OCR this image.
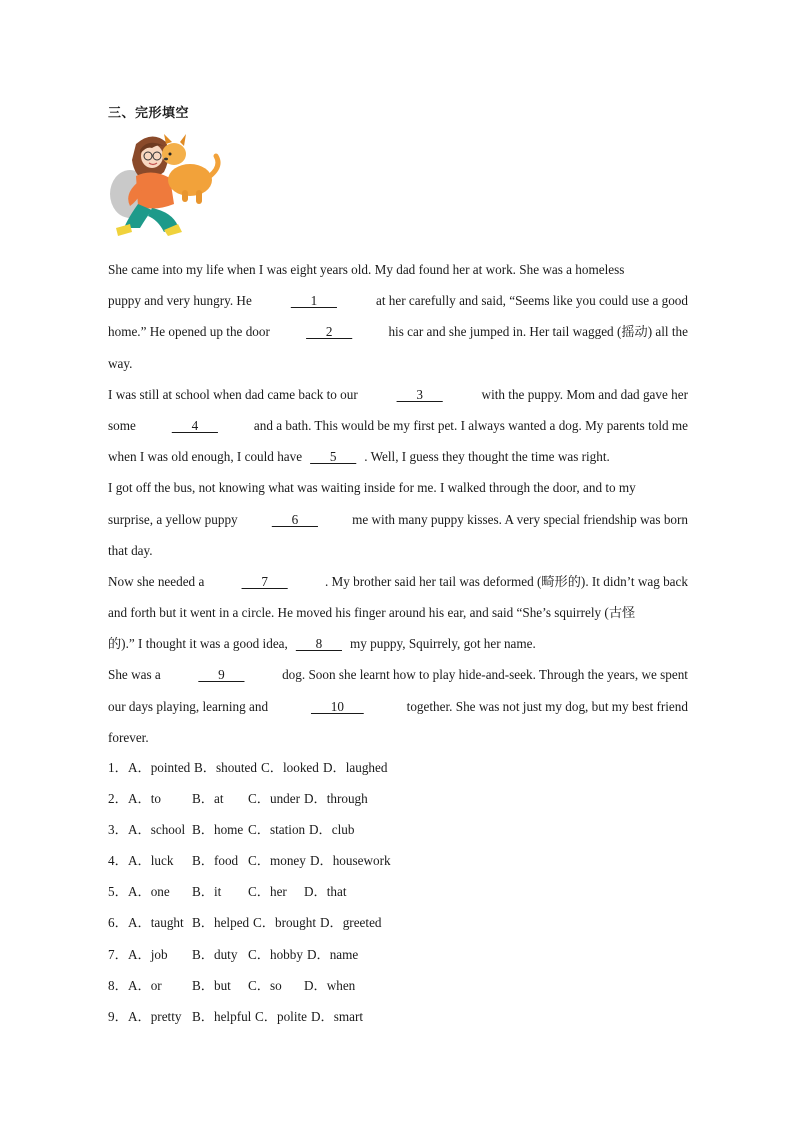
三、完形填空
She came into my life when I was eight years old. My dad found her at work. She was a homeless
puppy and very hungry. He	1	at her carefully and said, “Seems like you could use a good
home.” He opened up the door	2	his car and she jumped in. Her tail wagged (摇动) all the
way.
I was still at school when dad came back to our	3	with the puppy. Mom and dad gave her
some	4	and a bath. This would be my first pet. I always wanted a dog. My parents told me
when I was old enough, I could have 5 . Well, I guess they thought the time was right.
I got off the bus, not knowing what was waiting inside for me. I walked through the door, and to my
surprise, a yellow puppy	6	me with many puppy kisses. A very special friendship was born
that day.
Now she needed a	7	. My brother said her tail was deformed (畸形的). It didn’t wag back
and forth but it went in a circle. He moved his finger around his ear, and said “She’s squirrely (古怪
的).” I thought it was a good idea, 8 my puppy, Squirrely, got her name.
She was a	9	dog. Soon she learnt how to play hide-and-seek. Through the years, we spent
our days playing, learning and	10	together. She was not just my dog, but my best friend
forever.
1． A．pointed B．shouted C．looked D．laughed
2． A．to B．at C．under D．through
3． A．school B．home C．station D．club
4． A．luck B．food C．money D．housework
5． A．one B．it C．her D．that
6． A．taught B．helped C．brought D．greeted
7． A．job B．duty C．hobby D．name
8． A．or B．but C．so D．when
9． A．pretty B．helpful C．polite D．smart
